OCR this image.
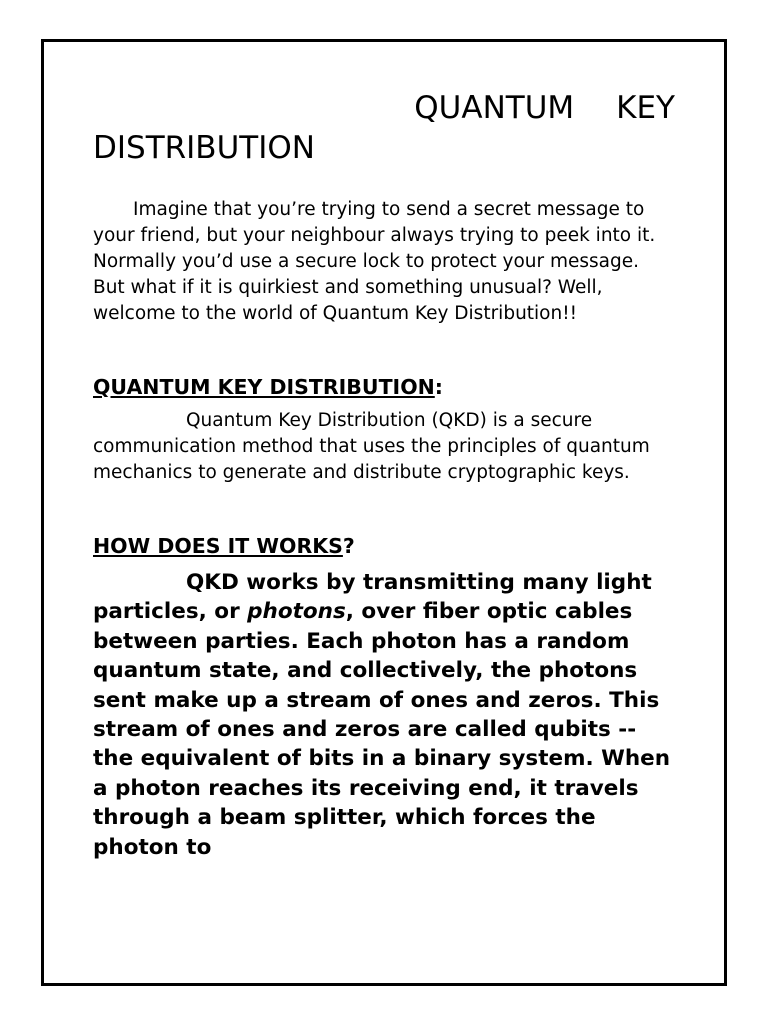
QUANTUM KEY
DISTRIBUTION

Imagine that you’re trying to send a secret message to your friend, but your neighbour always trying to peek into it. Normally you’d use a secure lock to protect your message. But what if it is quirkiest and something unusual? Well, welcome to the world of Quantum Key Distribution!!

QUANTUM KEY DISTRIBUTION:

Quantum Key Distribution (QKD) is a secure communication method that uses the principles of quantum mechanics to generate and distribute cryptographic keys.

HOW DOES IT WORKS?

QKD works by transmitting many light particles, or photons, over fiber optic cables between parties. Each photon has a random quantum state, and collectively, the photons sent make up a stream of ones and zeros. This stream of ones and zeros are called qubits -- the equivalent of bits in a binary system. When a photon reaches its receiving end, it travels through a beam splitter, which forces the photon to
